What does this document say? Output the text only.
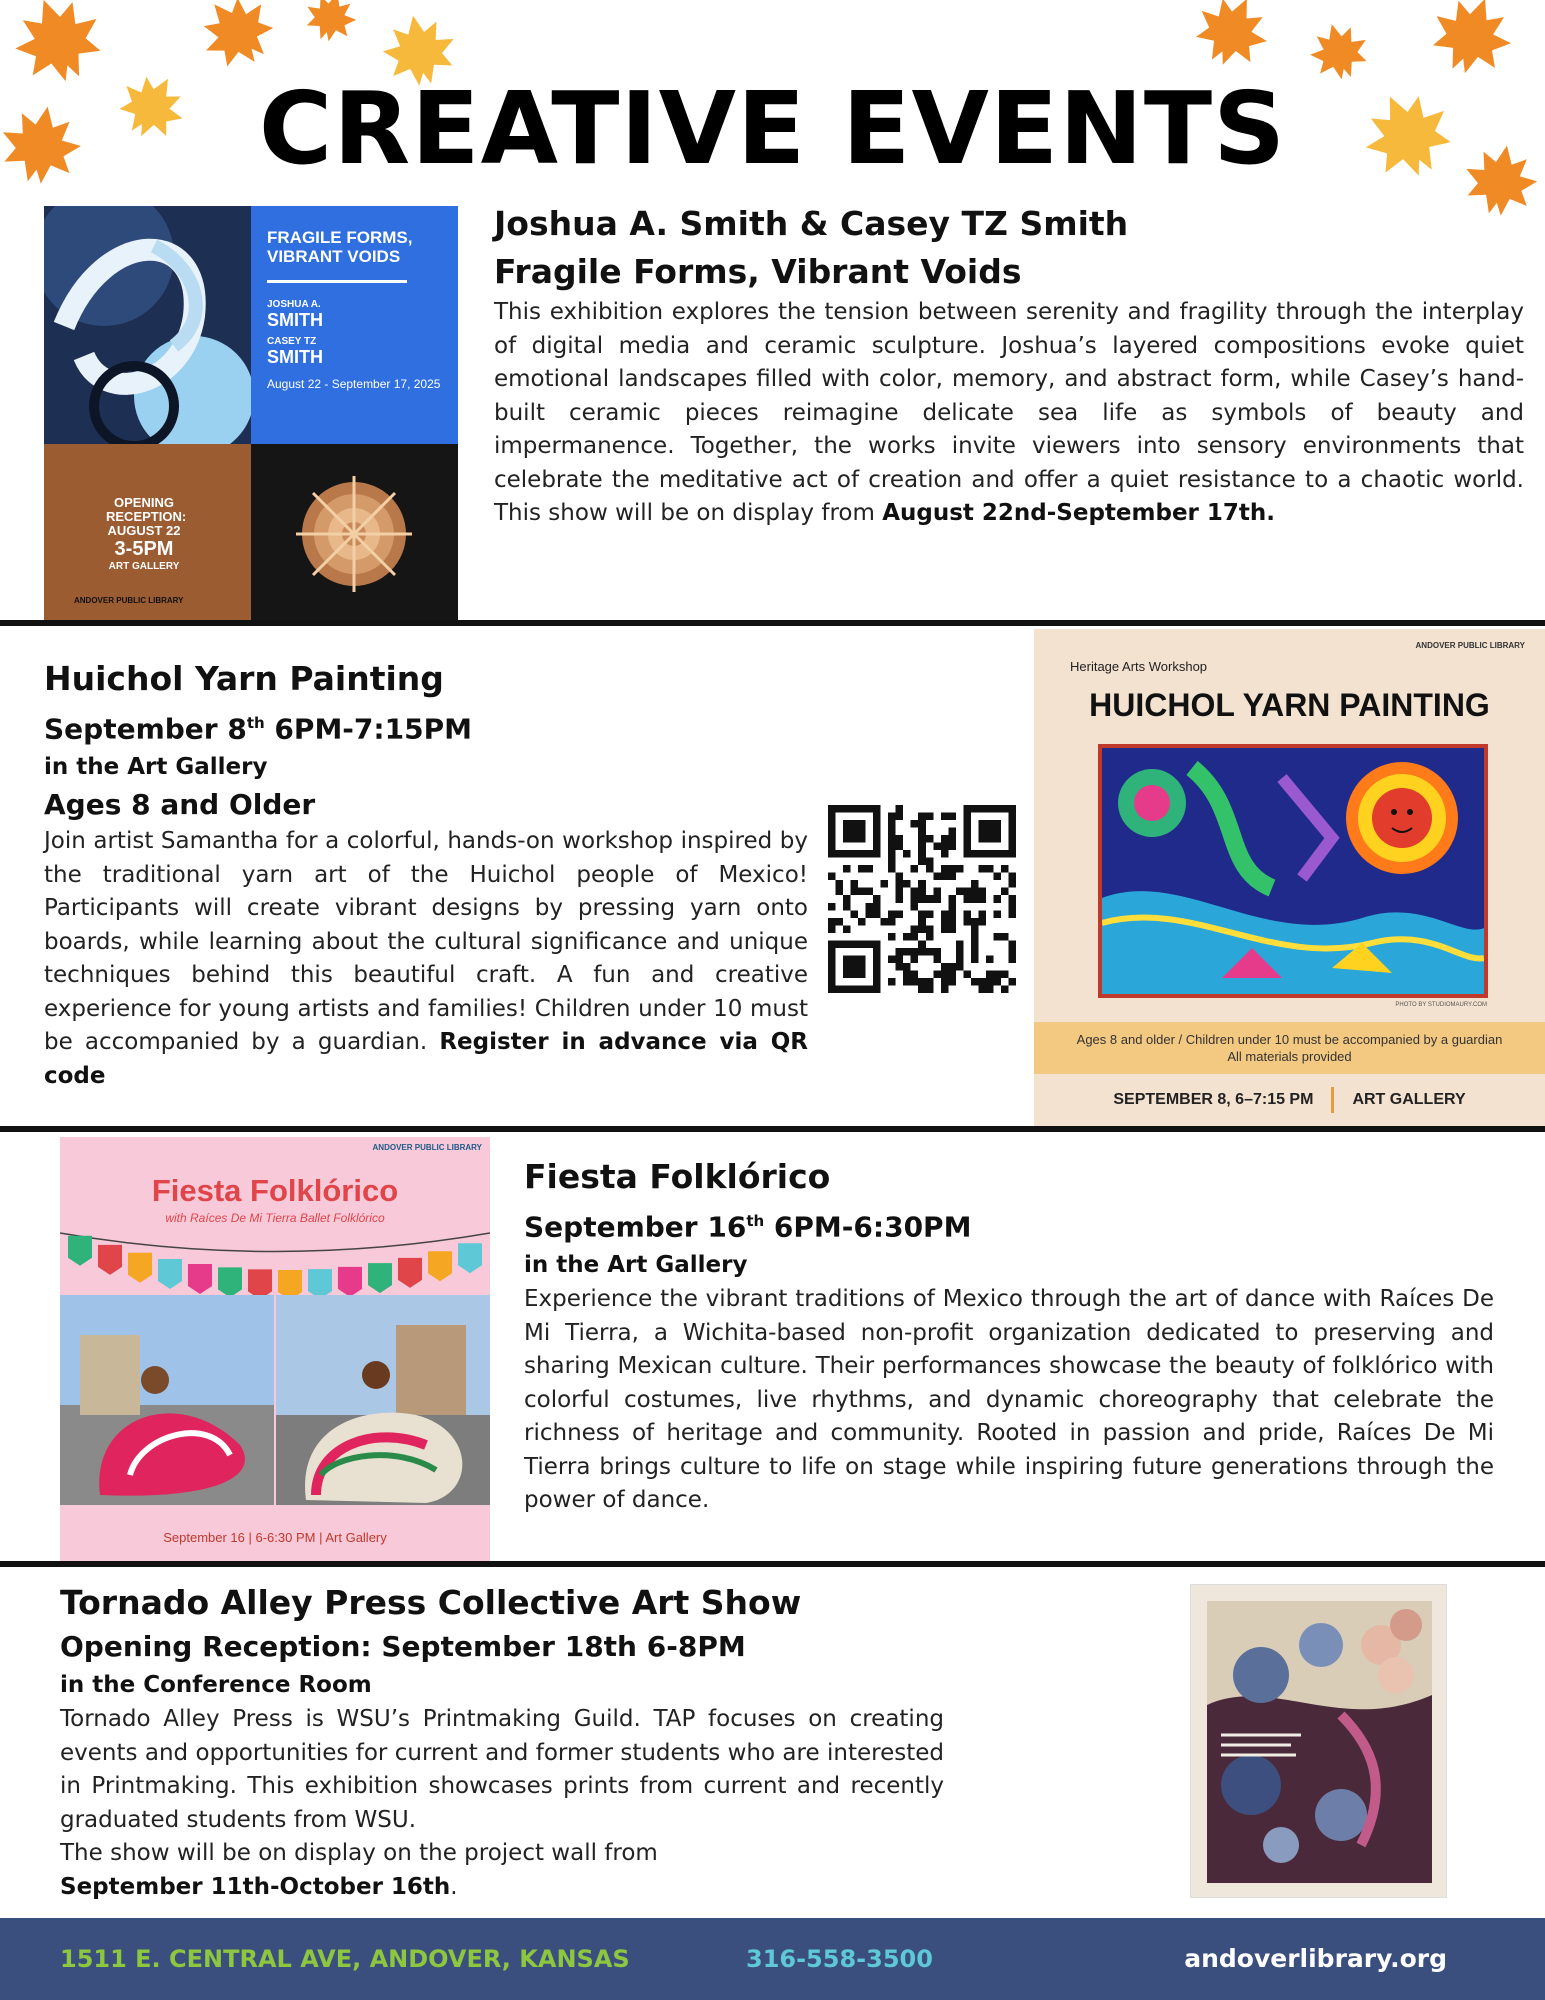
CREATIVE EVENTS
FRAGILE FORMS, VIBRANT VOIDS
JOSHUA A.
SMITH
CASEY TZ
SMITH
August 22 - September 17, 2025
OPENING RECEPTION: AUGUST 22
3-5PM
ART GALLERY
ANDOVER PUBLIC LIBRARY
Joshua A. Smith & Casey TZ Smith
Fragile Forms, Vibrant Voids
This exhibition explores the tension between serenity and fragility through the interplay of digital media and ceramic sculpture. Joshua’s layered compositions evoke quiet emotional landscapes filled with color, memory, and abstract form, while Casey’s hand-built ceramic pieces reimagine delicate sea life as symbols of beauty and impermanence. Together, the works invite viewers into sensory environments that celebrate the meditative act of creation and offer a quiet resistance to a chaotic world. This show will be on display from August 22nd-September 17th.
Huichol Yarn Painting
September 8th 6PM-7:15PM
in the Art Gallery
Ages 8 and Older
Join artist Samantha for a colorful, hands-on workshop inspired by the traditional yarn art of the Huichol people of Mexico! Participants will create vibrant designs by pressing yarn onto boards, while learning about the cultural significance and unique techniques behind this beautiful craft. A fun and creative experience for young artists and families! Children under 10 must be accompanied by a guardian. Register in advance via QR code
ANDOVER PUBLIC LIBRARY
Heritage Arts Workshop
HUICHOL YARN PAINTING
PHOTO BY STUDIOMAURY.COM
Ages 8 and older / Children under 10 must be accompanied by a guardian
All materials provided
SEPTEMBER 8, 6–7:15 PM ART GALLERY
ANDOVER PUBLIC LIBRARY
Fiesta Folklórico
with Raíces De Mi Tierra Ballet Folklórico
September 16 | 6-6:30 PM | Art Gallery
Fiesta Folklórico
September 16th 6PM-6:30PM
in the Art Gallery
Experience the vibrant traditions of Mexico through the art of dance with Raíces De Mi Tierra, a Wichita-based non-profit organization dedicated to preserving and sharing Mexican culture. Their performances showcase the beauty of folklórico with colorful costumes, live rhythms, and dynamic choreography that celebrate the richness of heritage and community. Rooted in passion and pride, Raíces De Mi Tierra brings culture to life on stage while inspiring future generations through the power of dance.
Tornado Alley Press Collective Art Show
Opening Reception: September 18th 6-8PM
in the Conference Room
Tornado Alley Press is WSU’s Printmaking Guild. TAP focuses on creating events and opportunities for current and former students who are interested in Printmaking. This exhibition showcases prints from current and recently graduated students from WSU.
The show will be on display on the project wall from
September 11th-October 16th.
1511 E. CENTRAL AVE, ANDOVER, KANSAS	316-558-3500	andoverlibrary.org
